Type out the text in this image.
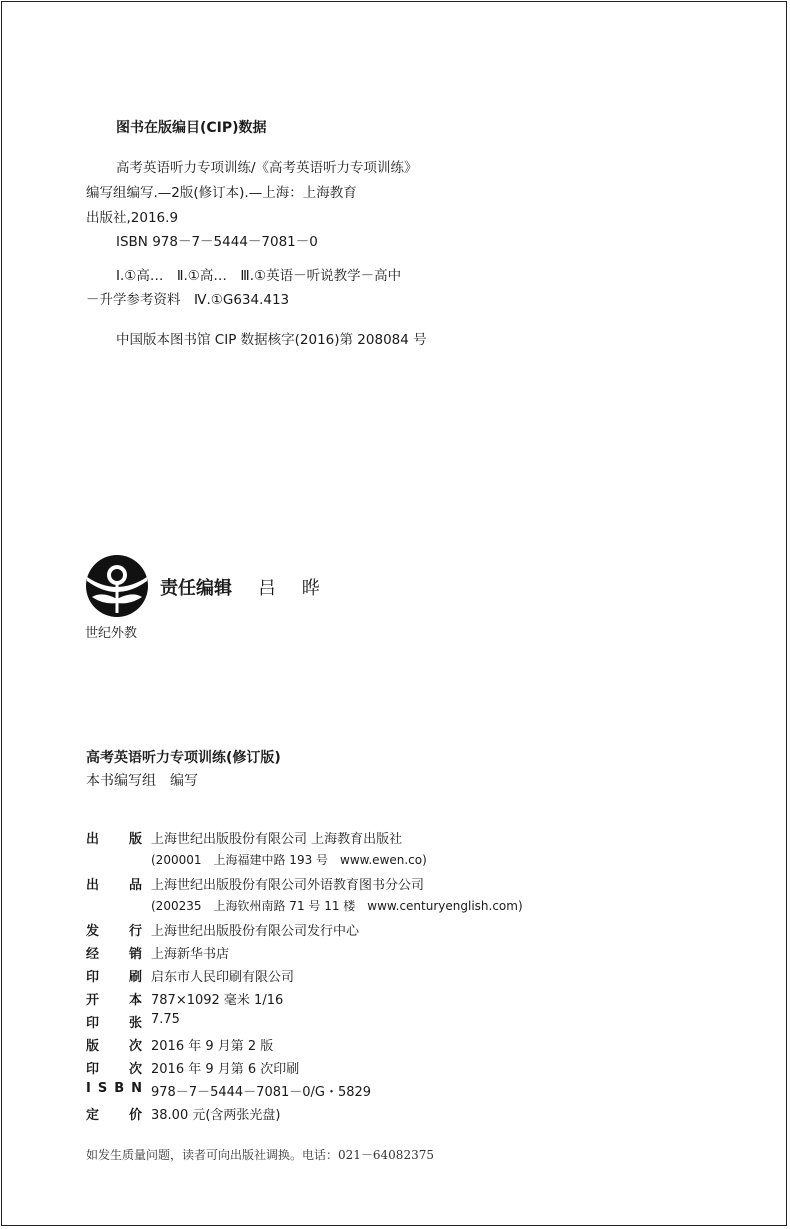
图书在版编目(CIP)数据
高考英语听力专项训练/《高考英语听力专项训练》
编写组编写.—2版(修订本).—上海：上海教育
出版社,2016.9
ISBN 978－7－5444－7081－0
Ⅰ.①高…　Ⅱ.①高…　Ⅲ.①英语－听说教学－高中
－升学参考资料　Ⅳ.①G634.413
中国版本图书馆 CIP 数据核字(2016)第 208084 号
世纪外教
责任编辑 吕 晔
高考英语听力专项训练(修订版)
本书编写组　编写
出 版 上海世纪出版股份有限公司 上海教育出版社
(200001　上海福建中路 193 号　www.ewen.co)
出 品 上海世纪出版股份有限公司外语教育图书分公司
(200235　上海钦州南路 71 号 11 楼　www.centuryenglish.com)
发 行 上海世纪出版股份有限公司发行中心
经 销 上海新华书店
印 刷 启东市人民印刷有限公司
开 本 787×1092 毫米 1/16
印 张 7.75
版 次 2016 年 9 月第 2 版
印 次 2016 年 9 月第 6 次印刷
I S B N 978－7－5444－7081－0/G・5829
定 价 38.00 元(含两张光盘)
如发生质量问题，读者可向出版社调换。电话：021－64082375
